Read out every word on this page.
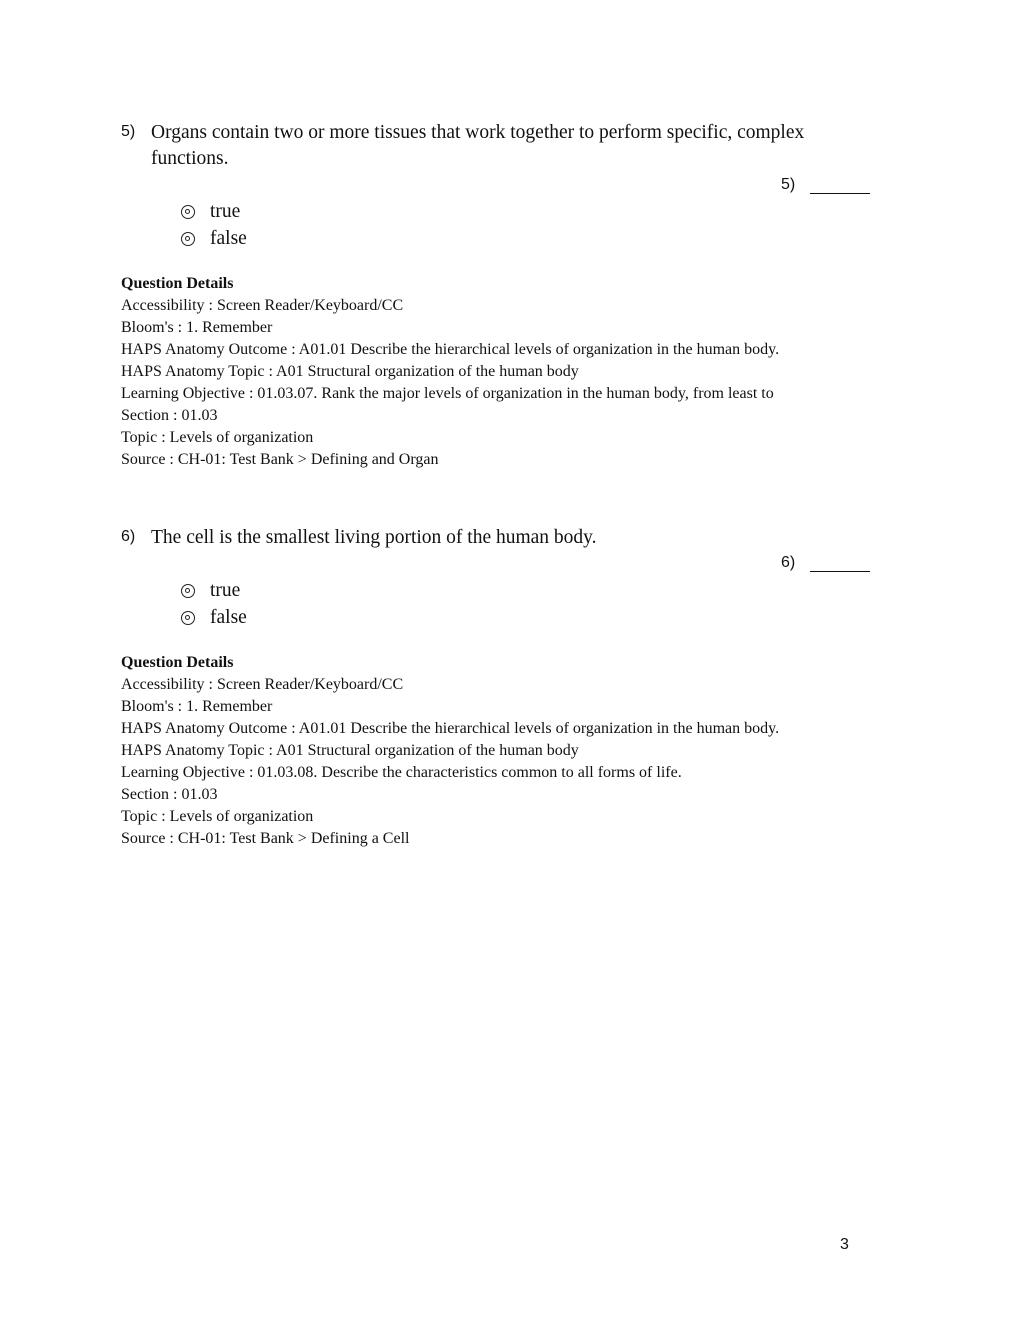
5) Organs contain two or more tissues that work together to perform specific, complex functions.
5)
true
false
Question Details
Accessibility : Screen Reader/Keyboard/CC
Bloom's : 1. Remember
HAPS Anatomy Outcome : A01.01 Describe the hierarchical levels of organization in the human body.
HAPS Anatomy Topic : A01 Structural organization of the human body
Learning Objective : 01.03.07. Rank the major levels of organization in the human body, from least to
Section : 01.03
Topic : Levels of organization
Source : CH-01: Test Bank > Defining and Organ
6) The cell is the smallest living portion of the human body.
6)
true
false
Question Details
Accessibility : Screen Reader/Keyboard/CC
Bloom's : 1. Remember
HAPS Anatomy Outcome : A01.01 Describe the hierarchical levels of organization in the human body.
HAPS Anatomy Topic : A01 Structural organization of the human body
Learning Objective : 01.03.08. Describe the characteristics common to all forms of life.
Section : 01.03
Topic : Levels of organization
Source : CH-01: Test Bank > Defining a Cell
3
